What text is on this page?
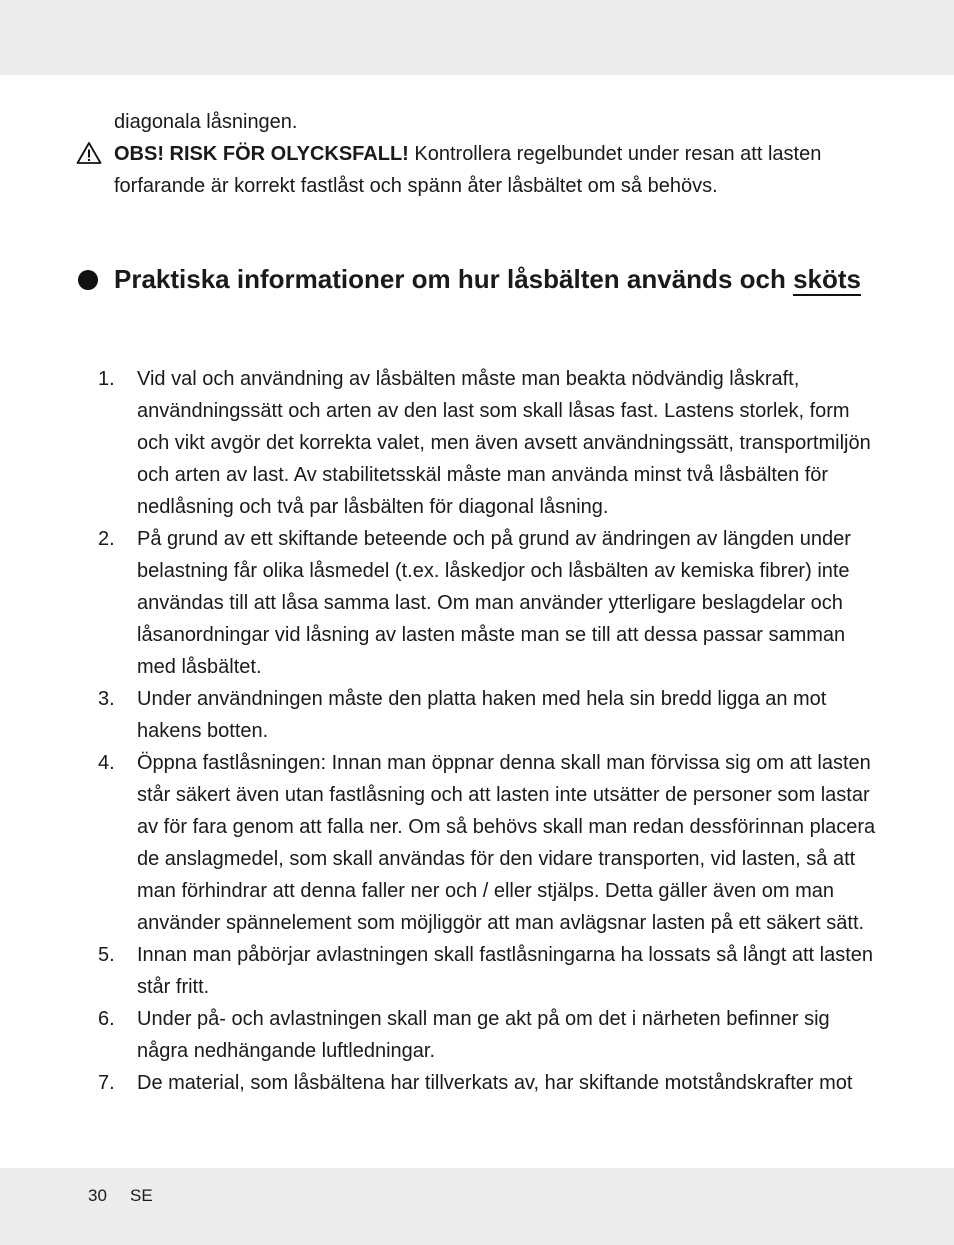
diagonala låsningen.
OBS! RISK FÖR OLYCKSFALL! Kontrollera regelbundet under resan att lasten forfarande är korrekt fastlåst och spänn åter låsbältet om så behövs.
Praktiska informationer om hur låsbälten används och sköts
1.	Vid val och användning av låsbälten måste man beakta nödvändig låskraft, användningssätt och arten av den last som skall låsas fast. Lastens storlek, form och vikt avgör det korrekta valet, men även avsett användningssätt, transportmiljön och arten av last. Av stabilitetsskäl måste man använda minst två låsbälten för nedlåsning och två par låsbälten för diagonal låsning.
2.	På grund av ett skiftande beteende och på grund av ändringen av längden under belastning får olika låsmedel (t.ex. låskedjor och låsbälten av kemiska fibrer) inte användas till att låsa samma last. Om man använder ytterligare beslagdelar och låsanordningar vid låsning av lasten måste man se till att dessa passar samman med låsbältet.
3.	Under användningen måste den platta haken med hela sin bredd ligga an mot hakens botten.
4.	Öppna fastlåsningen: Innan man öppnar denna skall man förvissa sig om att lasten står säkert även utan fastlåsning och att lasten inte utsätter de personer som lastar av för fara genom att falla ner. Om så behövs skall man redan dessförinnan placera de anslagmedel, som skall användas för den vidare transporten, vid lasten, så att man förhindrar att denna faller ner och / eller stjälps. Detta gäller även om man använder spännelement som möjliggör att man avlägsnar lasten på ett säkert sätt.
5.	Innan man påbörjar avlastningen skall fastlåsningarna ha lossats så långt att lasten står fritt.
6.	Under på- och avlastningen skall man ge akt på om det i närheten befinner sig några nedhängande luftledningar.
7.	De material, som låsbältena har tillverkats av, har skiftande motståndskrafter mot
30 SE
